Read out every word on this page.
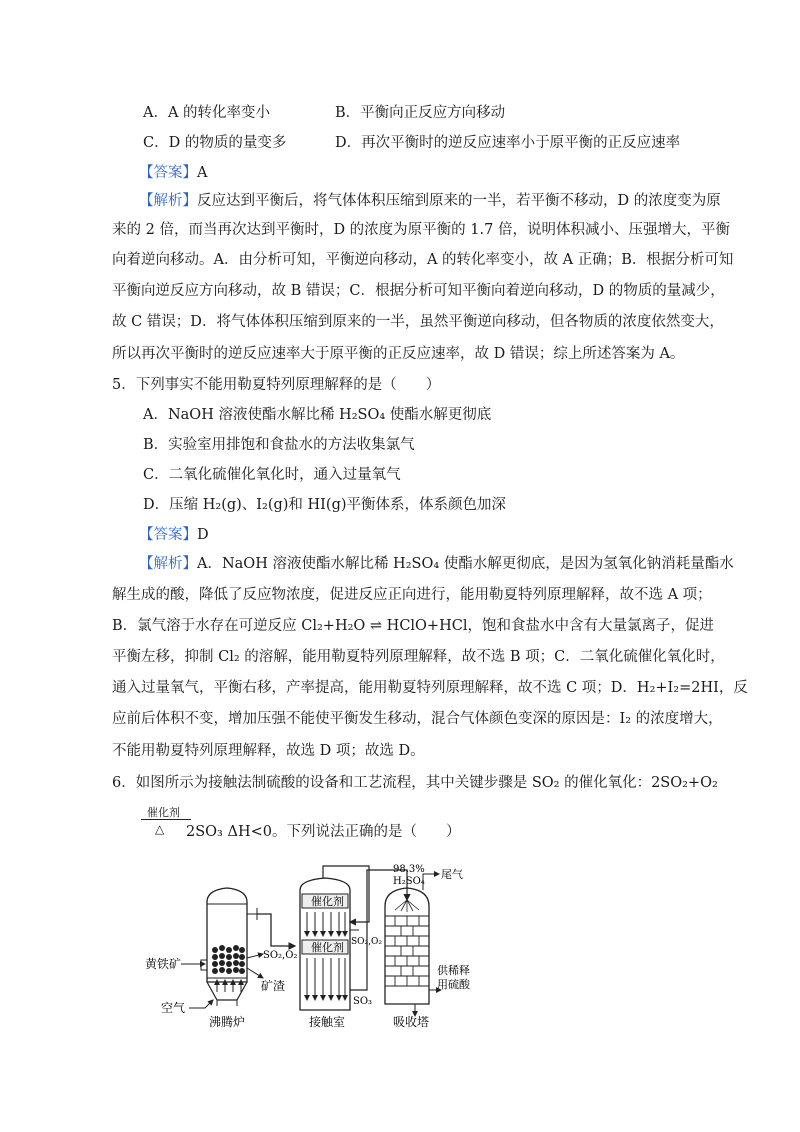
A．A 的转化率变小	B．平衡向正反应方向移动
C．D 的物质的量变多	D．再次平衡时的逆反应速率小于原平衡的正反应速率
【答案】A
【解析】反应达到平衡后，将气体体积压缩到原来的一半，若平衡不移动，D 的浓度变为原
来的 2 倍，而当再次达到平衡时，D 的浓度为原平衡的 1.7 倍，说明体积减小、压强增大，平衡
向着逆向移动。A．由分析可知，平衡逆向移动，A 的转化率变小，故 A 正确；B．根据分析可知
平衡向逆反应方向移动，故 B 错误；C．根据分析可知平衡向着逆向移动，D 的物质的量减少，
故 C 错误；D．将气体体积压缩到原来的一半，虽然平衡逆向移动，但各物质的浓度依然变大，
所以再次平衡时的逆反应速率大于原平衡的正反应速率，故 D 错误；综上所述答案为 A。
5．下列事实不能用勒夏特列原理解释的是（　　）
A．NaOH 溶液使酯水解比稀 H₂SO₄ 使酯水解更彻底
B．实验室用排饱和食盐水的方法收集氯气
C．二氧化硫催化氧化时，通入过量氧气
D．压缩 H₂(g)、I₂(g)和 HI(g)平衡体系，体系颜色加深
【答案】D
【解析】A．NaOH 溶液使酯水解比稀 H₂SO₄ 使酯水解更彻底，是因为氢氧化钠消耗量酯水
解生成的酸，降低了反应物浓度，促进反应正向进行，能用勒夏特列原理解释，故不选 A 项；
B．氯气溶于水存在可逆反应 Cl₂+H₂O ⇌ HClO+HCl，饱和食盐水中含有大量氯离子，促进
平衡左移，抑制 Cl₂ 的溶解，能用勒夏特列原理解释，故不选 B 项；C．二氧化硫催化氧化时，
通入过量氧气，平衡右移，产率提高，能用勒夏特列原理解释，故不选 C 项；D．H₂+I₂=2HI，反
应前后体积不变，增加压强不能使平衡发生移动，混合气体颜色变深的原因是：I₂ 的浓度增大，
不能用勒夏特列原理解释，故选 D 项；故选 D。
6．如图所示为接触法制硫酸的设备和工艺流程，其中关键步骤是 SO₂ 的催化氧化：2SO₂+O₂
催化剂
△ 2SO₃ ΔH<0。下列说法正确的是（　　）
黄铁矿
空气
矿渣
SO₂,O₂
沸腾炉
催化剂
催化剂 SO₂,O₂
SO₃
接触室
98.3%
H₂SO₄
尾气
供稀释
用硫酸
吸收塔
